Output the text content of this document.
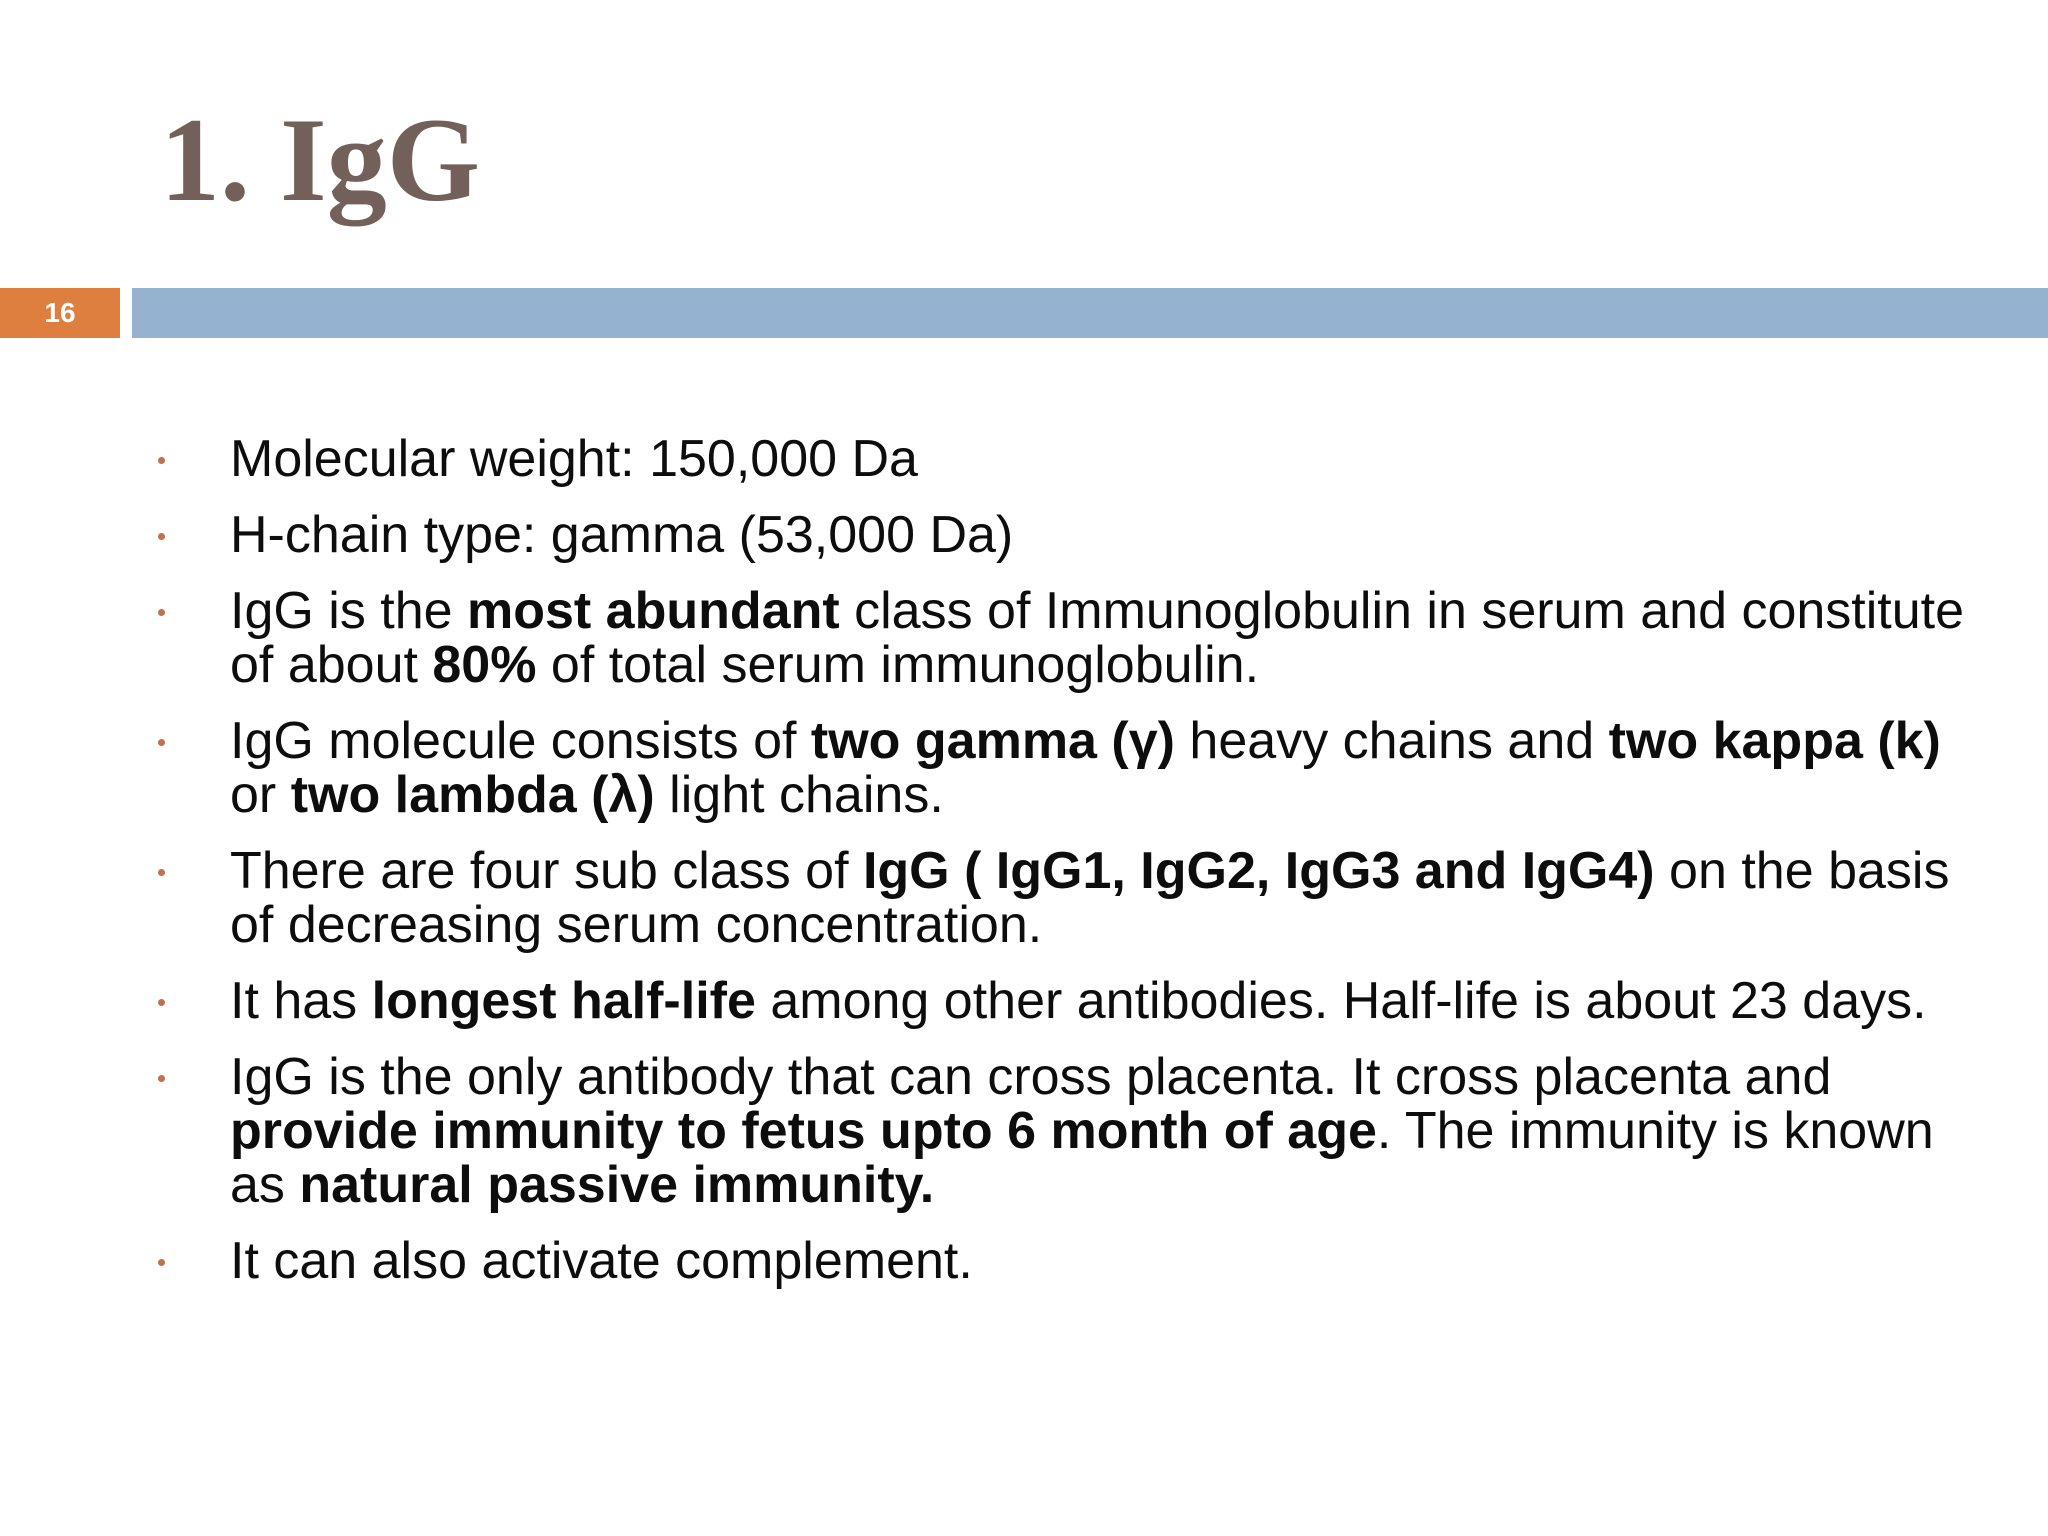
1. IgG
16
Molecular weight: 150,000 Da
H-chain type: gamma (53,000 Da)
IgG is the most abundant class of Immunoglobulin in serum and constitute of about 80% of total serum immunoglobulin.
IgG molecule consists of two gamma (γ) heavy chains and two kappa (k) or two lambda (λ) light chains.
There are four sub class of IgG ( IgG1, IgG2, IgG3 and IgG4) on the basis of decreasing serum concentration.
It has longest half-life among other antibodies. Half-life is about 23 days.
IgG is the only antibody that can cross placenta. It cross placenta and provide immunity to fetus upto 6 month of age. The immunity is known as natural passive immunity.
It can also activate complement.
